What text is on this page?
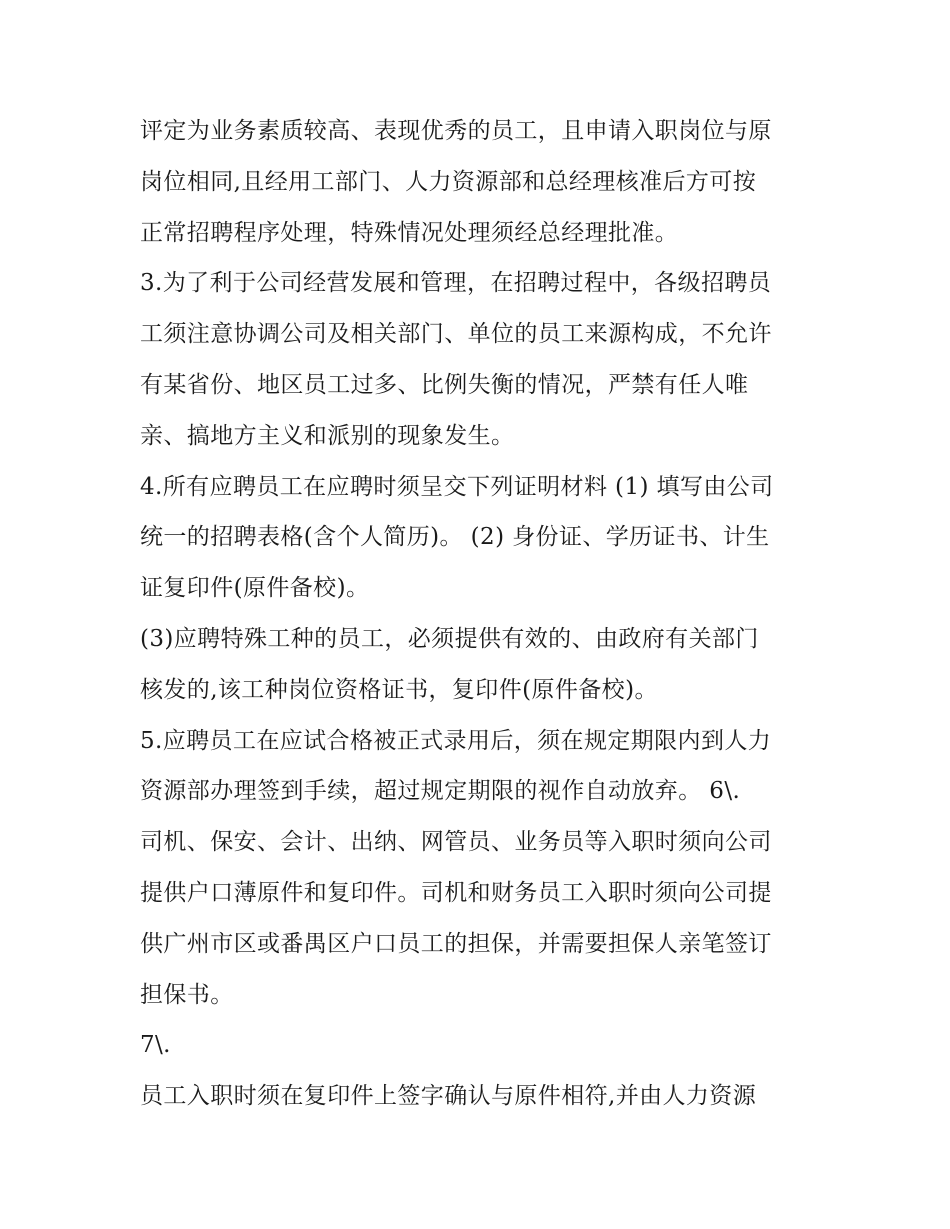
评定为业务素质较高、表现优秀的员工，且申请入职岗位与原
岗位相同,且经用工部门、人力资源部和总经理核准后方可按
正常招聘程序处理，特殊情况处理须经总经理批准。
3.为了利于公司经营发展和管理，在招聘过程中，各级招聘员
工须注意协调公司及相关部门、单位的员工来源构成，不允许
有某省份、地区员工过多、比例失衡的情况，严禁有任人唯
亲、搞地方主义和派别的现象发生。
4.所有应聘员工在应聘时须呈交下列证明材料 (1) 填写由公司
统一的招聘表格(含个人简历)。 (2) 身份证、学历证书、计生
证复印件(原件备校)。
(3)应聘特殊工种的员工，必须提供有效的、由政府有关部门
核发的,该工种岗位资格证书，复印件(原件备校)。
5.应聘员工在应试合格被正式录用后，须在规定期限内到人力
资源部办理签到手续，超过规定期限的视作自动放弃。 6\.
司机、保安、会计、出纳、网管员、业务员等入职时须向公司
提供户口薄原件和复印件。司机和财务员工入职时须向公司提
供广州市区或番禺区户口员工的担保，并需要担保人亲笔签订
担保书。
7\.
员工入职时须在复印件上签字确认与原件相符,并由人力资源
